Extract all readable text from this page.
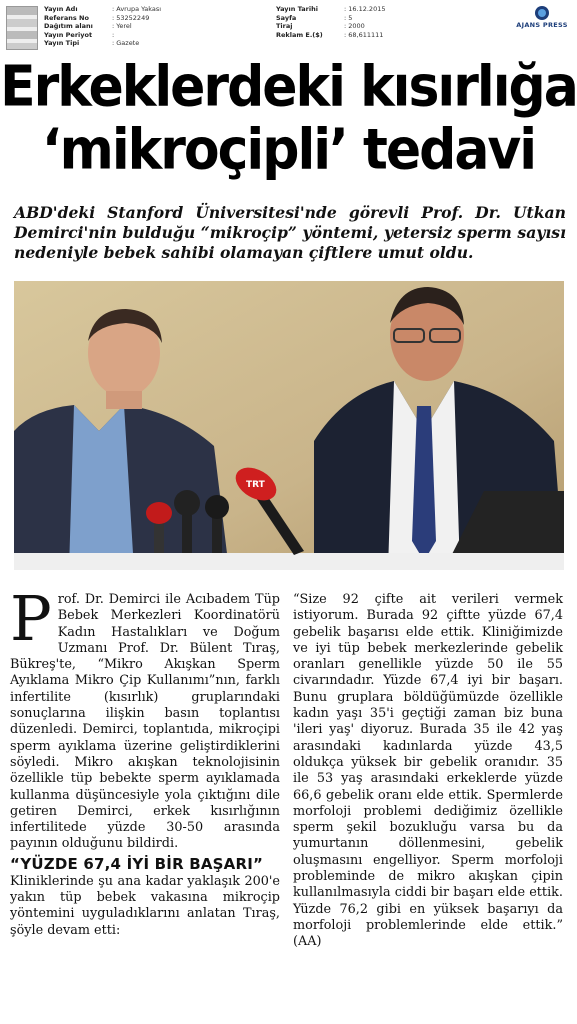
Yayın Adı	: Avrupa Yakası
Referans No	: 53252249
Dağıtım alanı	: Yerel
Yayın Periyot	:
Yayın Tipi	: Gazete
Yayın Tarihi	: 16.12.2015
Sayfa	: 5
Tiraj	: 2000
Reklam E.($)	: 68,611111
AJANS PRESS
Erkeklerdeki kısırlığa
‘mikroçipli’ tedavi

ABD'deki Stanford Üniversitesi'nde görevli Prof. Dr. Utkan Demirci'nin bulduğu “mikroçip” yöntemi, yetersiz sperm sayısı nedeniyle bebek sahibi olamayan çiftlere umut oldu.

TRT

Prof. Dr. Demirci ile Acıbadem Tüp Bebek Merkezleri Koordinatörü Kadın Hastalıkları ve Doğum Uzmanı Prof. Dr. Bülent Tıraş, Bükreş'te, “Mikro Akışkan Sperm Ayıklama Mikro Çip Kullanımı”nın, farklı infertilite (kısırlık) gruplarındaki sonuçlarına ilişkin basın toplantısı düzenledi. Demirci, toplantıda, mikroçipi sperm ayıklama üzerine geliştirdiklerini söyledi. Mikro akışkan teknolojisinin özellikle tüp bebekte sperm ayıklamada kullanma düşüncesiyle yola çıktığını dile getiren Demirci, erkek kısırlığının infertilitede yüzde 30-50 arasında payının olduğunu bildirdi.

“YÜZDE 67,4 İYİ BİR BAŞARI”

Kliniklerinde şu ana kadar yaklaşık 200'e yakın tüp bebek vakasına mikroçip yöntemini uyguladıklarını anlatan Tıraş, şöyle devam etti:

“Size 92 çifte ait verileri vermek istiyorum. Burada 92 çiftte yüzde 67,4 gebelik başarısı elde ettik. Kliniğimizde ve iyi tüp bebek merkezlerinde gebelik oranları genellikle yüzde 50 ile 55 civarındadır. Yüzde 67,4 iyi bir başarı. Bunu gruplara böldüğümüzde özellikle kadın yaşı 35'i geçtiği zaman biz buna 'ileri yaş' diyoruz. Burada 35 ile 42 yaş arasındaki kadınlarda yüzde 43,5 oldukça yüksek bir gebelik oranıdır. 35 ile 53 yaş arasındaki erkeklerde yüzde 66,6 gebelik oranı elde ettik. Spermlerde morfoloji problemi dediğimiz özellikle sperm şekil bozukluğu varsa bu da yumurtanın döllenmesini, gebelik oluşmasını engelliyor. Sperm morfoloji probleminde de mikro akışkan çipin kullanılmasıyla ciddi bir başarı elde ettik. Yüzde 76,2 gibi en yüksek başarıyı da morfoloji problemlerinde elde ettik.” (AA)
